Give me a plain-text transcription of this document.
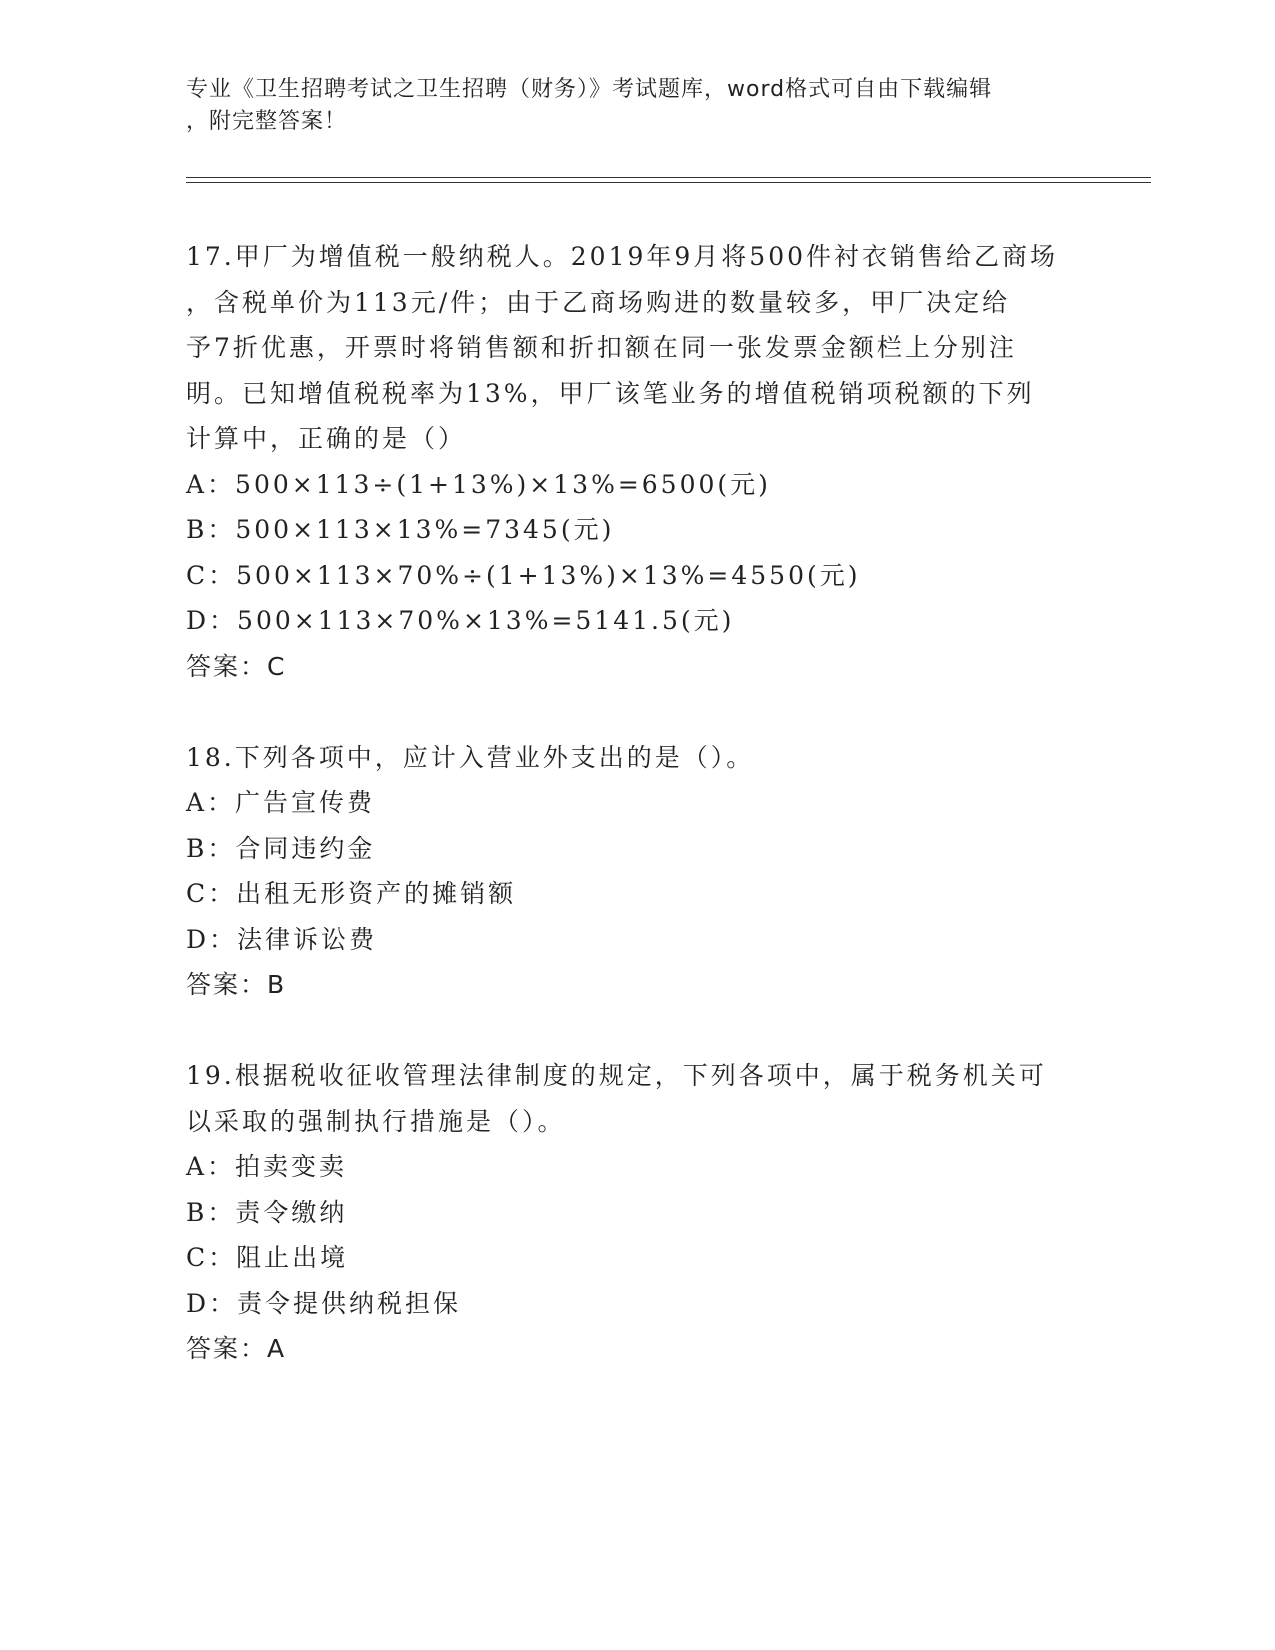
专业《卫生招聘考试之卫生招聘（财务）》考试题库，word格式可自由下载编辑
，附完整答案！
17.甲厂为增值税一般纳税人。2019年9月将500件衬衣销售给乙商场
，含税单价为113元/件；由于乙商场购进的数量较多，甲厂决定给
予7折优惠，开票时将销售额和折扣额在同一张发票金额栏上分别注
明。已知增值税税率为13%，甲厂该笔业务的增值税销项税额的下列
计算中，正确的是（）
A：500×113÷(1+13%)×13%=6500(元)
B：500×113×13%=7345(元)
C：500×113×70%÷(1+13%)×13%=4550(元)
D：500×113×70%×13%=5141.5(元)
答案：C
18.下列各项中，应计入营业外支出的是（）。
A：广告宣传费
B：合同违约金
C：出租无形资产的摊销额
D：法律诉讼费
答案：B
19.根据税收征收管理法律制度的规定，下列各项中，属于税务机关可
以采取的强制执行措施是（）。
A：拍卖变卖
B：责令缴纳
C：阻止出境
D：责令提供纳税担保
答案：A
